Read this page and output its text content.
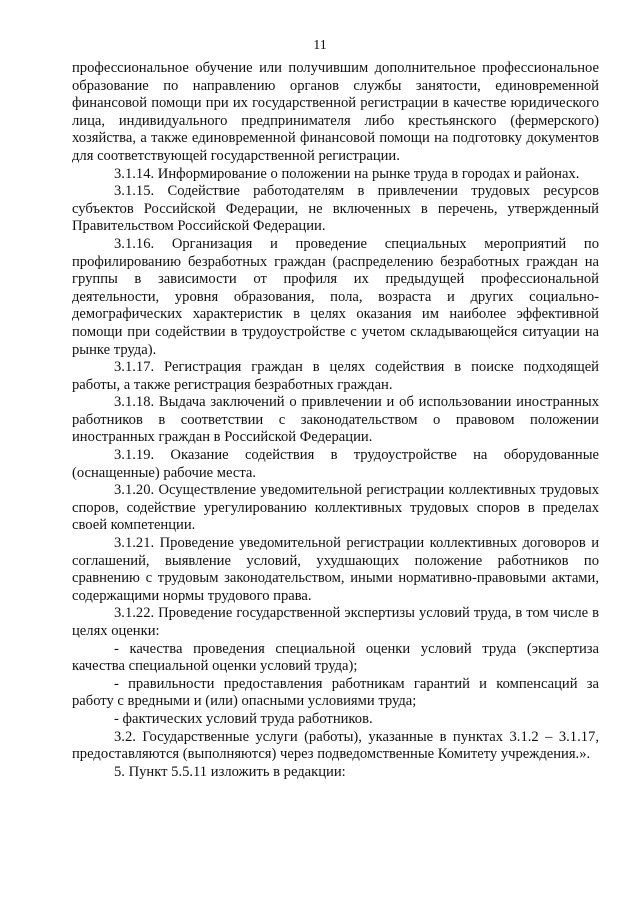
11

профессиональное обучение или получившим дополнительное профессиональное образование по направлению органов службы занятости, единовременной финансовой помощи при их государственной регистрации в качестве юридического лица, индивидуального предпринимателя либо крестьянского (фермерского) хозяйства, а также единовременной финансовой помощи на подготовку документов для соответствующей государственной регистрации.

3.1.14. Информирование о положении на рынке труда в городах и районах.

3.1.15. Содействие работодателям в привлечении трудовых ресурсов субъектов Российской Федерации, не включенных в перечень, утвержденный Правительством Российской Федерации.

3.1.16. Организация и проведение специальных мероприятий по профилированию безработных граждан (распределению безработных граждан на группы в зависимости от профиля их предыдущей профессиональной деятельности, уровня образования, пола, возраста и других социально-демографических характеристик в целях оказания им наиболее эффективной помощи при содействии в трудоустройстве с учетом складывающейся ситуации на рынке труда).

3.1.17. Регистрация граждан в целях содействия в поиске подходящей работы, а также регистрация безработных граждан.

3.1.18. Выдача заключений о привлечении и об использовании иностранных работников в соответствии с законодательством о правовом положении иностранных граждан в Российской Федерации.

3.1.19. Оказание содействия в трудоустройстве на оборудованные (оснащенные) рабочие места.

3.1.20. Осуществление уведомительной регистрации коллективных трудовых споров, содействие урегулированию коллективных трудовых споров в пределах своей компетенции.

3.1.21. Проведение уведомительной регистрации коллективных договоров и соглашений, выявление условий, ухудшающих положение работников по сравнению с трудовым законодательством, иными нормативно-правовыми актами, содержащими нормы трудового права.

3.1.22. Проведение государственной экспертизы условий труда, в том числе в целях оценки:

- качества проведения специальной оценки условий труда (экспертиза качества специальной оценки условий труда);

- правильности предоставления работникам гарантий и компенсаций за работу с вредными и (или) опасными условиями труда;

- фактических условий труда работников.

3.2. Государственные услуги (работы), указанные в пунктах 3.1.2 – 3.1.17, предоставляются (выполняются) через подведомственные Комитету учреждения.».

5. Пункт 5.5.11 изложить в редакции:
